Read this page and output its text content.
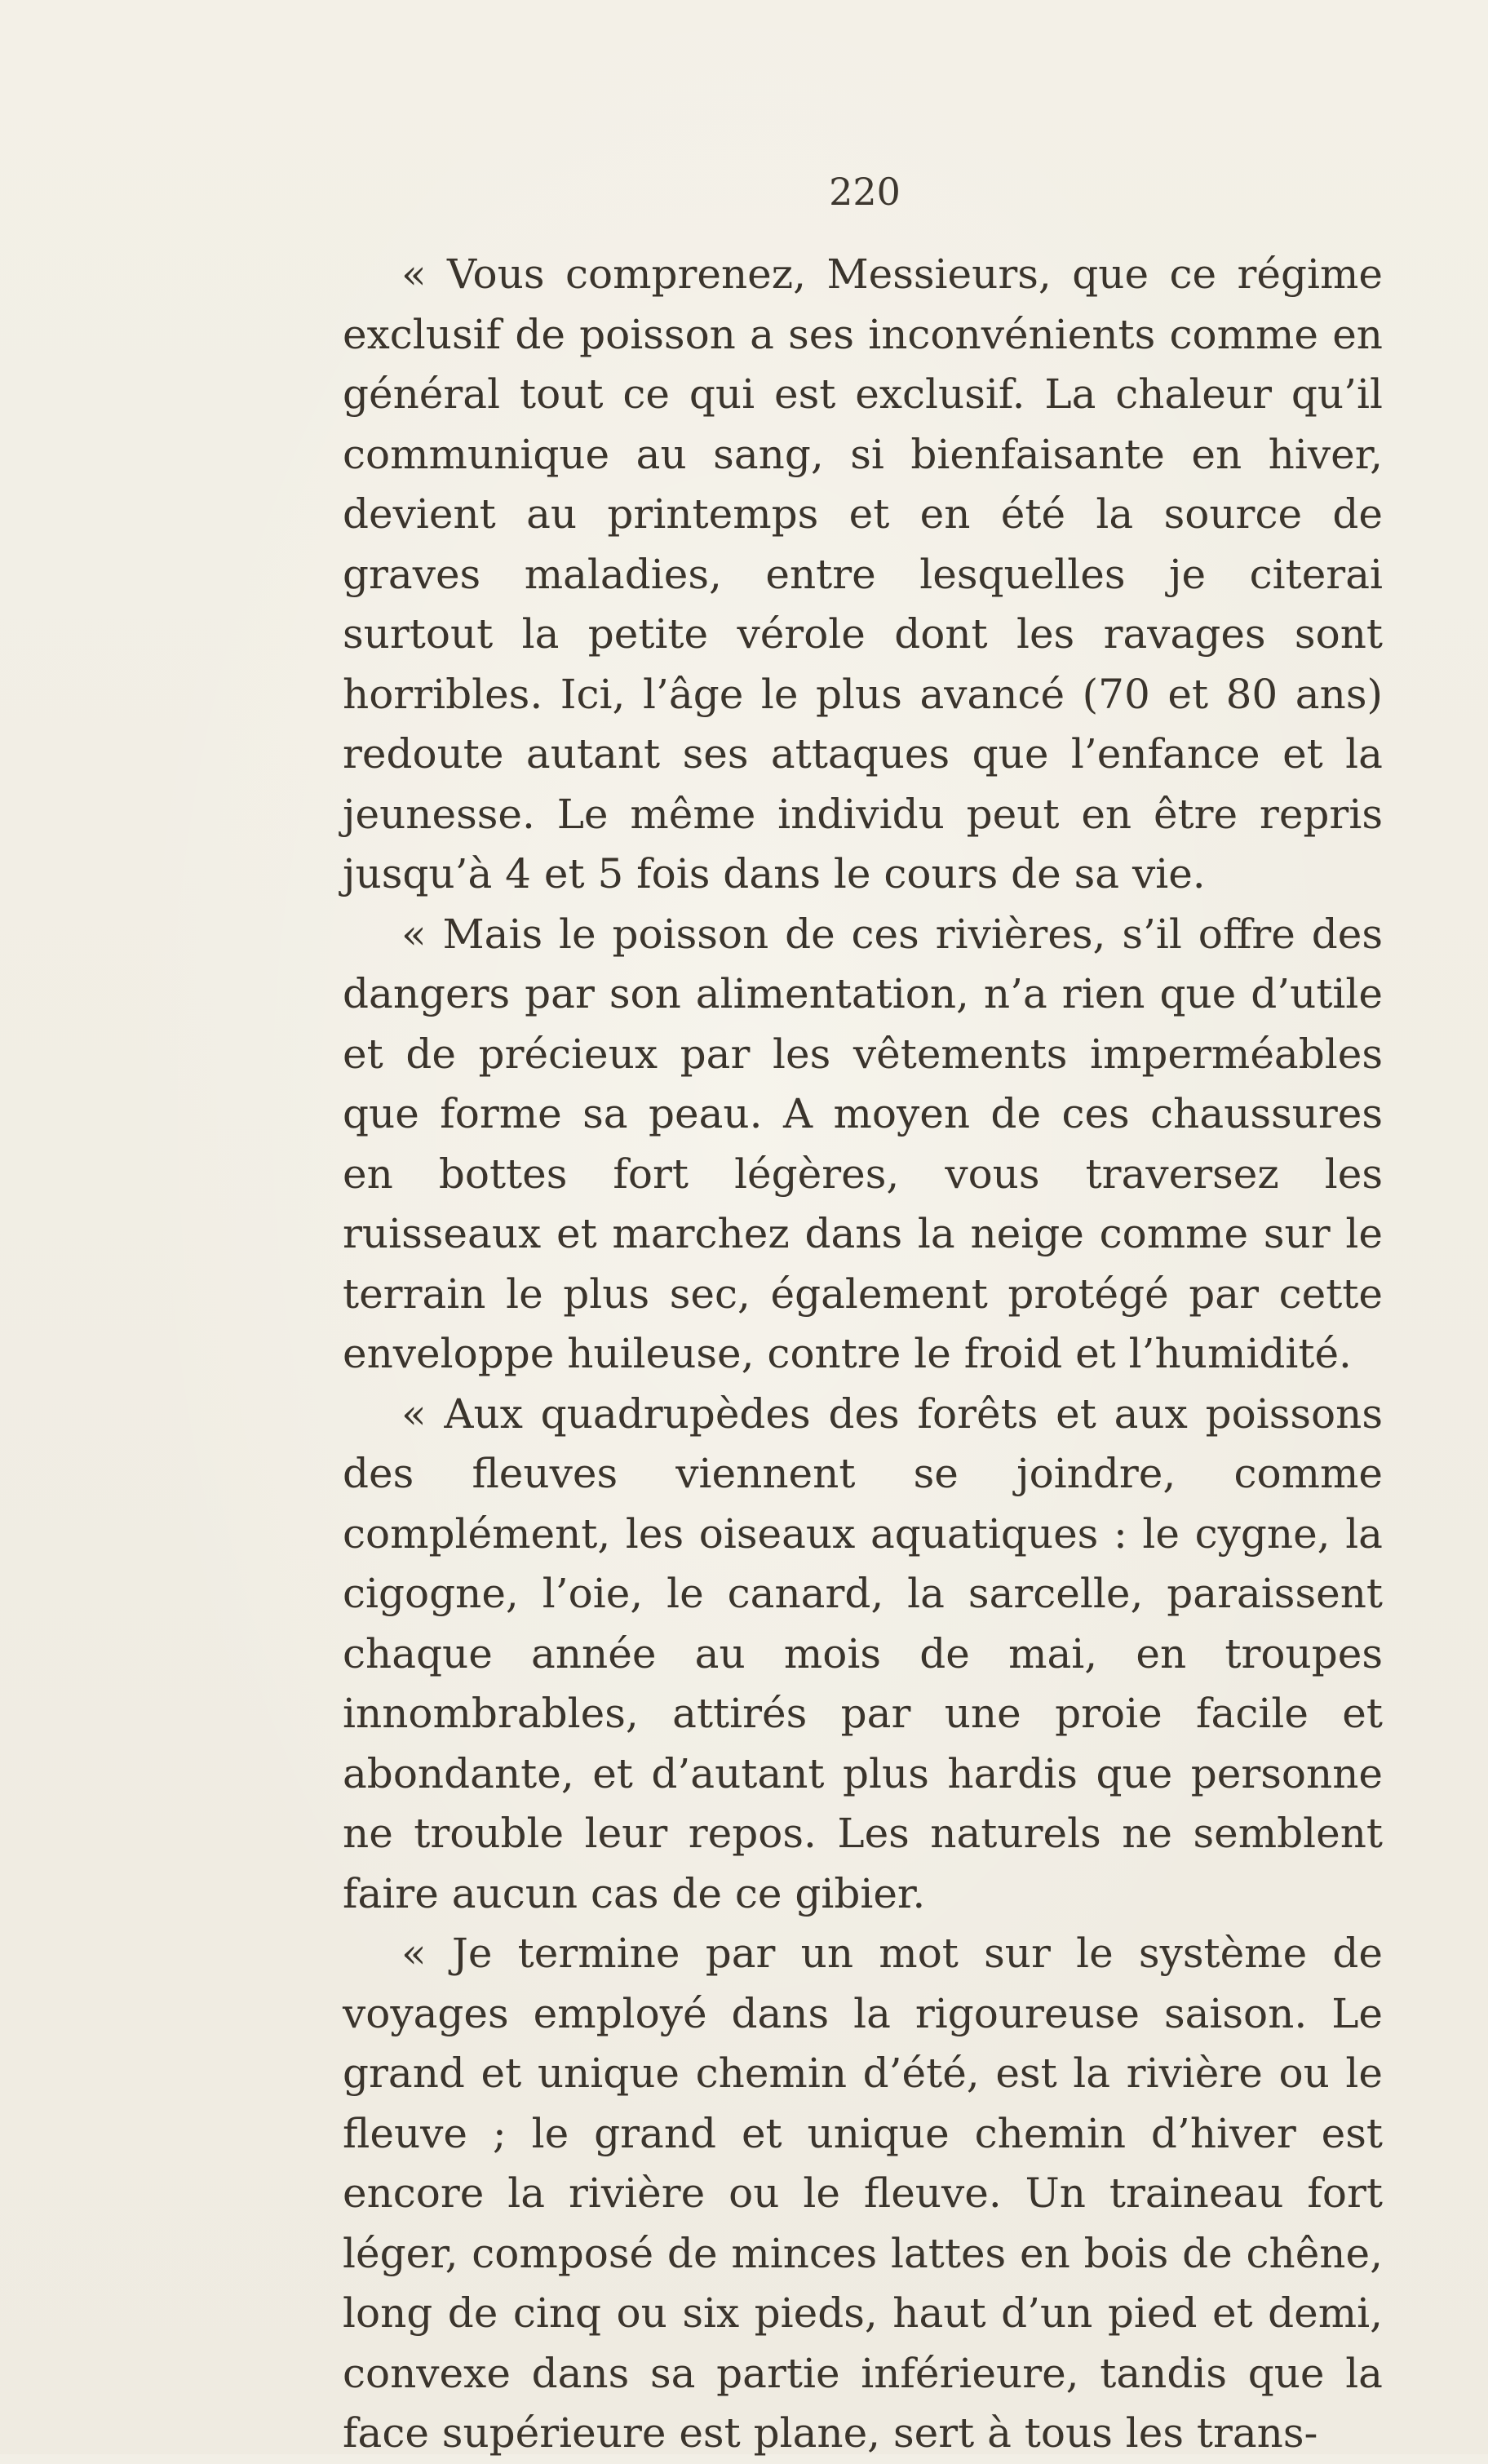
220

« Vous comprenez, Messieurs, que ce régime exclusif de poisson a ses inconvénients comme en général tout ce qui est exclusif. La chaleur qu’il communique au sang, si bienfaisante en hiver, devient au printemps et en été la source de graves maladies, entre lesquelles je citerai surtout la petite vérole dont les ravages sont horribles. Ici, l’âge le plus avancé (70 et 80 ans) redoute autant ses attaques que l’enfance et la jeunesse. Le même individu peut en être repris jusqu’à 4 et 5 fois dans le cours de sa vie.

« Mais le poisson de ces rivières, s’il offre des dangers par son alimentation, n’a rien que d’utile et de précieux par les vêtements imperméables que forme sa peau. A moyen de ces chaussures en bottes fort légères, vous traversez les ruisseaux et marchez dans la neige comme sur le terrain le plus sec, également protégé par cette enveloppe huileuse, contre le froid et l’humidité.

« Aux quadrupèdes des forêts et aux poissons des fleuves viennent se joindre, comme complément, les oiseaux aquatiques : le cygne, la cigogne, l’oie, le canard, la sarcelle, paraissent chaque année au mois de mai, en troupes innombrables, attirés par une proie facile et abondante, et d’autant plus hardis que personne ne trouble leur repos. Les naturels ne semblent faire aucun cas de ce gibier.

« Je termine par un mot sur le système de voyages employé dans la rigoureuse saison. Le grand et unique chemin d’été, est la rivière ou le fleuve ; le grand et unique chemin d’hiver est encore la rivière ou le fleuve. Un traineau fort léger, composé de minces lattes en bois de chêne, long de cinq ou six pieds, haut d’un pied et demi, convexe dans sa partie inférieure, tandis que la face supérieure est plane, sert à tous les trans-
